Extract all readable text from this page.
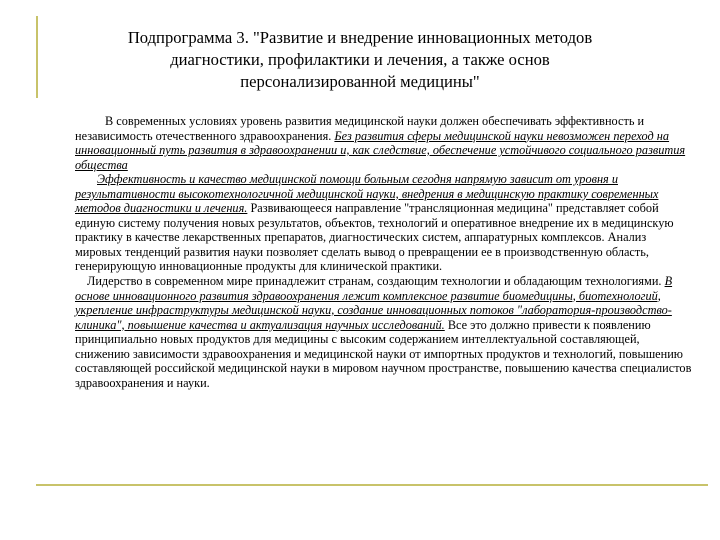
Подпрограмма 3. "Развитие и внедрение инновационных методов
диагностики, профилактики и лечения, а также основ
персонализированной медицины"

В современных условиях уровень развития медицинской науки должен обеспечивать эффективность и независимость отечественного здравоохранения. Без развития сферы медицинской науки невозможен переход на инновационный путь развития в здравоохранении и, как следствие, обеспечение устойчивого социального развития общества

Эффективность и качество медицинской помощи больным сегодня напрямую зависит от уровня и результативности высокотехнологичной медицинской науки, внедрения в медицинскую практику современных методов диагностики и лечения. Развивающееся направление "трансляционная медицина" представляет собой единую систему получения новых результатов, объектов, технологий и оперативное внедрение их в медицинскую практику в качестве лекарственных препаратов, диагностических систем, аппаратурных комплексов. Анализ мировых тенденций развития науки позволяет сделать вывод о превращении ее в производственную область, генерирующую инновационные продукты для клинической практики.

Лидерство в современном мире принадлежит странам, создающим технологии и обладающим технологиями. В основе инновационного развития здравоохранения лежит комплексное развитие биомедицины, биотехнологий, укрепление инфраструктуры медицинской науки, создание инновационных потоков "лаборатория-производство-клиника", повышение качества и актуализация научных исследований. Все это должно привести к появлению принципиально новых продуктов для медицины с высоким содержанием интеллектуальной составляющей, снижению зависимости здравоохранения и медицинской науки от импортных продуктов и технологий, повышению составляющей российской медицинской науки в мировом научном пространстве, повышению качества специалистов здравоохранения и науки.
